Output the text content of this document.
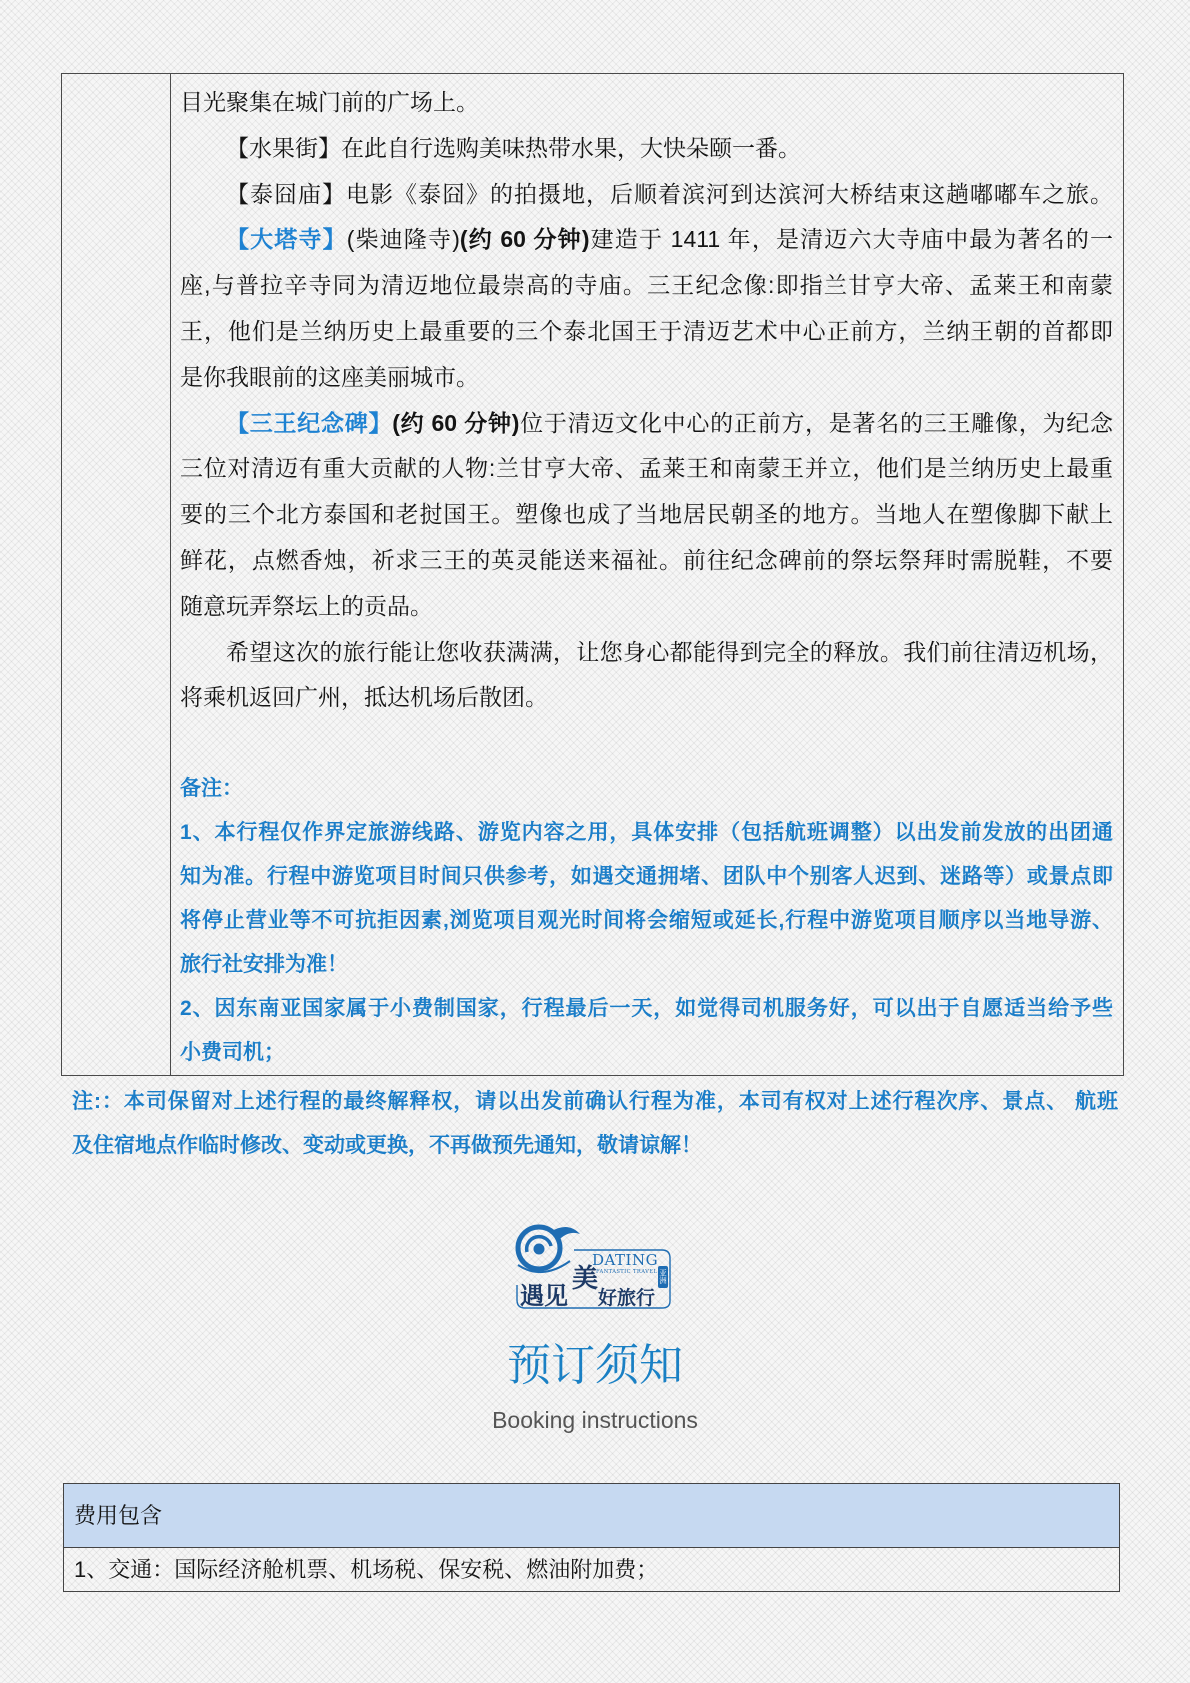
目光聚集在城门前的广场上。
【水果街】在此自行选购美味热带水果，大快朵颐一番。
【泰囧庙】电影《泰囧》的拍摄地，后顺着滨河到达滨河大桥结束这趟嘟嘟车之旅。
【大塔寺】(柴迪隆寺)(约 60 分钟)建造于 1411 年，是清迈六大寺庙中最为著名的一
座,与普拉辛寺同为清迈地位最崇高的寺庙。三王纪念像:即指兰甘亨大帝、孟莱王和南蒙
王，他们是兰纳历史上最重要的三个泰北国王于清迈艺术中心正前方，兰纳王朝的首都即
是你我眼前的这座美丽城市。
【三王纪念碑】(约 60 分钟)位于清迈文化中心的正前方，是著名的三王雕像，为纪念
三位对清迈有重大贡献的人物:兰甘亨大帝、孟莱王和南蒙王并立，他们是兰纳历史上最重
要的三个北方泰国和老挝国王。塑像也成了当地居民朝圣的地方。当地人在塑像脚下献上
鲜花，点燃香烛，祈求三王的英灵能送来福祉。前往纪念碑前的祭坛祭拜时需脱鞋，不要
随意玩弄祭坛上的贡品。
希望这次的旅行能让您收获满满，让您身心都能得到完全的释放。我们前往清迈机场，
将乘机返回广州，抵达机场后散团。
备注：
1、本行程仅作界定旅游线路、游览内容之用，具体安排（包括航班调整）以出发前发放的出团通
知为准。行程中游览项目时间只供参考，如遇交通拥堵、团队中个别客人迟到、迷路等）或景点即
将停止营业等不可抗拒因素,浏览项目观光时间将会缩短或延长,行程中游览项目顺序以当地导游、
旅行社安排为准！
2、因东南亚国家属于小费制国家，行程最后一天，如觉得司机服务好，可以出于自愿适当给予些
小费司机；
注:：本司保留对上述行程的最终解释权，请以出发前确认行程为准，本司有权对上述行程次序、景点、 航班
及住宿地点作临时修改、变动或更换，不再做预先通知，敬请谅解！
DATING
FANTASTIC TRAVEL 亚洲
遇见
美
好旅行
预订须知
Booking instructions
费用包含
1、交通：国际经济舱机票、机场税、保安税、燃油附加费；
